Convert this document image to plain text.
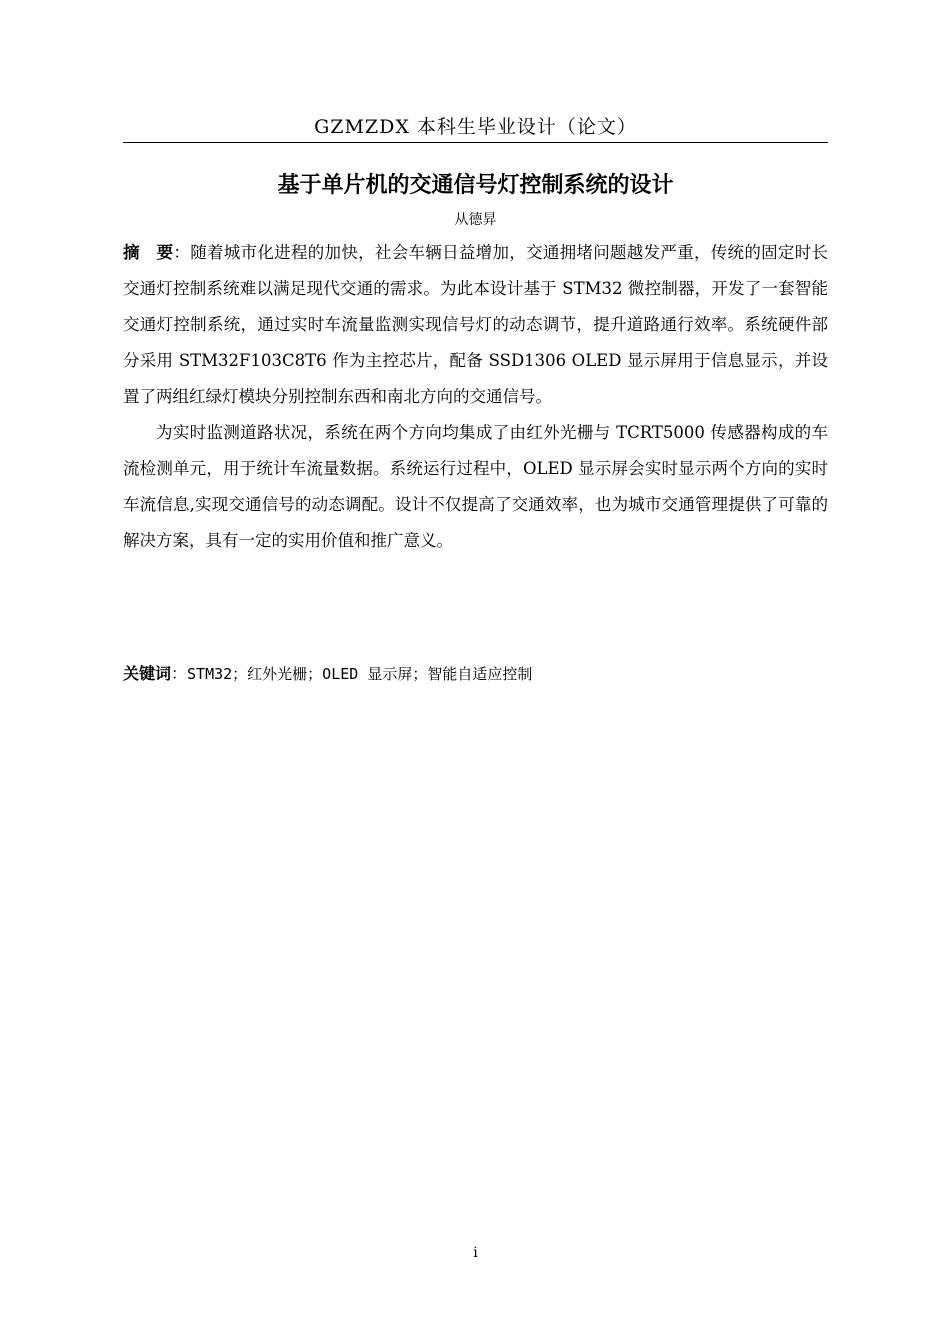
GZMZDX 本科生毕业设计（论文）
基于单片机的交通信号灯控制系统的设计
从德昇

摘　要：随着城市化进程的加快，社会车辆日益增加，交通拥堵问题越发严重，传统的固定时长交通灯控制系统难以满足现代交通的需求。为此本设计基于 STM32 微控制器，开发了一套智能交通灯控制系统，通过实时车流量监测实现信号灯的动态调节，提升道路通行效率。系统硬件部分采用 STM32F103C8T6 作为主控芯片，配备 SSD1306 OLED 显示屏用于信息显示，并设置了两组红绿灯模块分别控制东西和南北方向的交通信号。

为实时监测道路状况，系统在两个方向均集成了由红外光栅与 TCRT5000 传感器构成的车流检测单元，用于统计车流量数据。系统运行过程中，OLED 显示屏会实时显示两个方向的实时车流信息,实现交通信号的动态调配。设计不仅提高了交通效率，也为城市交通管理提供了可靠的解决方案，具有一定的实用价值和推广意义。

关键词：STM32；红外光栅；OLED 显示屏；智能自适应控制
i
